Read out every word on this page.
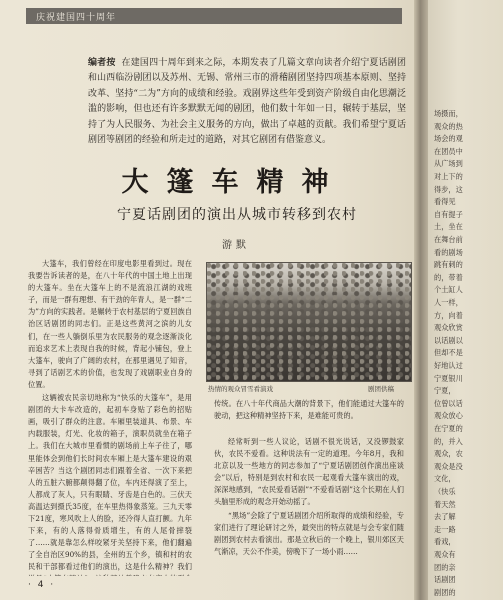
庆祝建国四十周年

编者按 在建国四十周年到来之际，本期发表了几篇文章向读者介绍宁夏话剧团和山西临汾剧团以及苏州、无锡、常州三市的滑稽剧团坚持四项基本原则、坚持改革、坚持“二为”方向的成绩和经验。戏剧界这些年受到资产阶级自由化思潮泛滥的影响，但也还有许多默默无闻的剧团，他们数十年如一日，辗转于基层，坚持了为人民服务、为社会主义服务的方向，做出了卓越的贡献。我们希望宁夏话剧团等剧团的经验和所走过的道路，对其它剧团有借鉴意义。

大篷车精神
宁夏话剧团的演出从城市转移到农村
游默

大篷车，我们曾经在印度电影里看到过。现在我要告诉读者的是，在八十年代的中国土地上出现的大篷车。坐在大篷车上的不是流浪江湖的戏班子，而是一群有理想、有干劲的年青人，是一群“二为”方向的实践者。是辗转于农村基层的宁夏回族自治区话剧团的同志们。正是这些黄河之滨的儿女们，在一些人躺倒乐里为农民服务的观念逐渐淡化而追求艺术上表现自我的时候，背起小铺包，登上大篷车，驶向了广阔的农村，在那里遇见了知音，寻到了话剧艺术的价值，也发现了戏剧职业自身的位置。

这辆被农民亲切地称为“快乐的大篷车”，是用剧团的大卡车改造的，起初车身贴了彩色的招贴画，吸引了群众的注意。车厢里装道具、布景、车内载服装，灯光、化妆的箱子，演职员就坐在箱子上。我们在大城市里看惯的剧场前上车子往了，哪里能体会到他们长时间农车厢上是大篷车建设的艰辛困苦？当这个剧团同志们跟着全省、一次下来把人的五脏六腑都颠得翻了位，车内还得演了至上，人都成了灰人，只有眼睛、牙齿是白色的。三伏天高温达到摄氏35度，在车里热得象蒸笼。三九天零下21度，寒风吹上人的脸，还冷得人直打颤。九年下来，有的人落得骨质增生，有的人尾骨摔裂了……就是靠怎么样咬紧牙关坚持下来，他们翻遍了全自治区90%的县，全州的五个乡，镇和村的农民和干部都看过他们的演出，这是什么精神？我们

热情的观众冒雪看演戏	剧团供稿

传统。在八十年代商品大潮的背景下，他们能通过大篷车的驶动，把这种精神坚持下来，是难能可贵的。

经常听到一些人议论，话剧不很光说话，又没锣鼓家伙，农民不爱看。这种说法有一定的道理。今年8月，我和北京以及一些地方的同志参加了“宁夏话剧团创作演出座谈会”以后，特别是到农村和农民一起观看大篷车演出的戏，深深地感到，“农民爱看话剧”“不爱看话剧”这个长期在人们头脑里形成的观念开始动摇了。

“黑场”会除了宁夏话剧团介绍所取得的成绩和经验，专家们进行了理论研讨之外，最突出的特点就是与会专家们随剧团到农村去看演出。那是立秋后的一个晚上，银川郊区天气渐凉，天公不作美，傍晚下了一场小雨……

· 4 ·
场摄而，
观众的热
场会的观
在团员中
从广场到
对上下的
得步，这
看得见
自有提子
土，坐在
在舞台前
看的剧场
跳有刺的
的，带着
个土缸人
人一样，
方，向着
观众欣赏
以话剧以
但却不是
好地认过
宁夏银川
宁夏，
位曾以话
观众放心
在宁夏的
的，并入
观众，农
观众是没
文化，
（快乐
着天然
去了解
走一路
看戏，
观众有
团的亲
话剧团
剧团的
